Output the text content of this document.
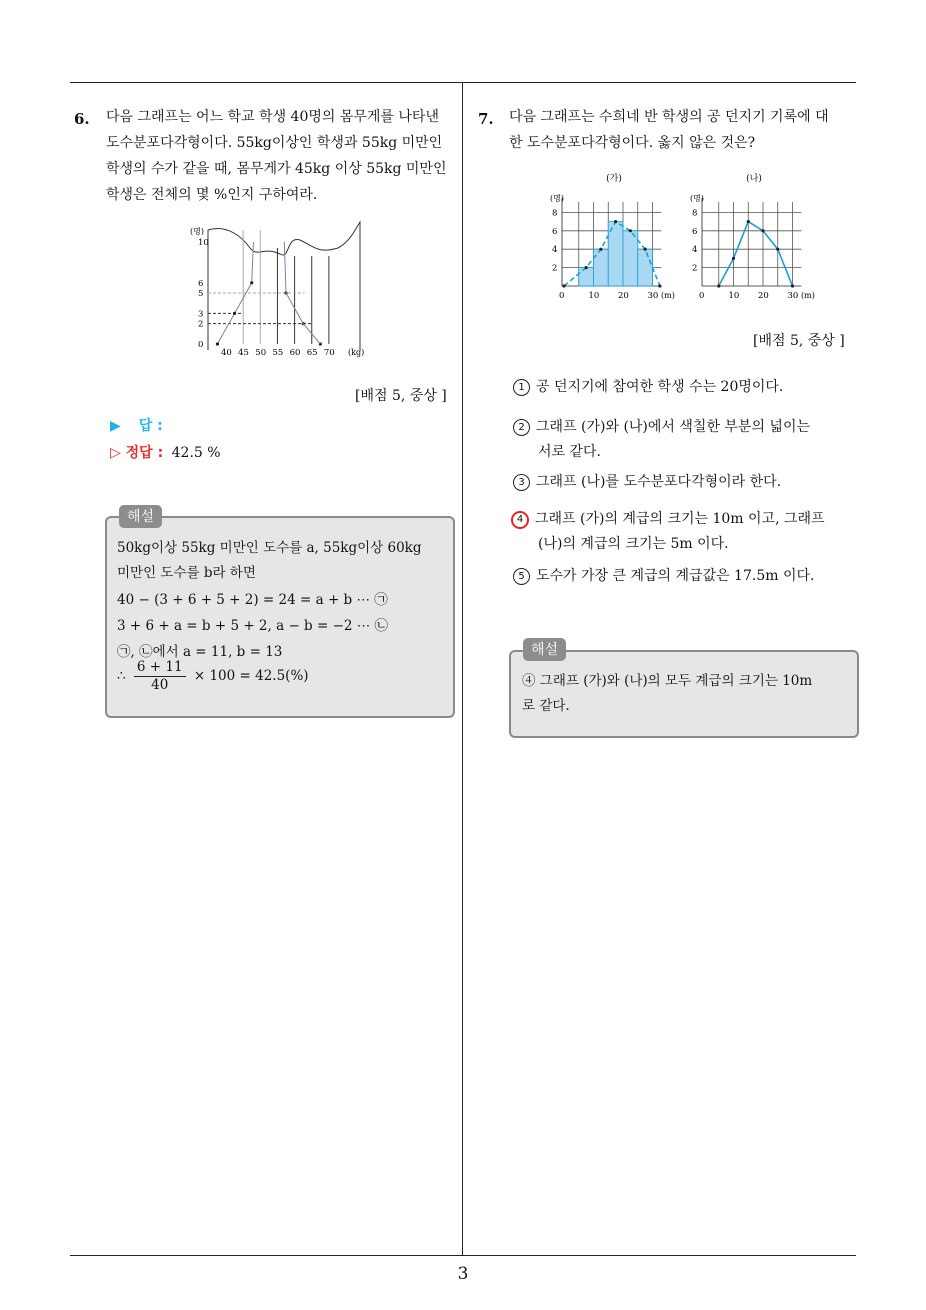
3
6. 다음 그래프는 어느 학교 학생 40명의 몸무게를 나타낸
도수분포다각형이다. 55kg이상인 학생과 55kg 미만인
학생의 수가 같을 때, 몸무게가 45kg 이상 55kg 미만인
학생은 전체의 몇 %인지 구하여라.
40 45 50 55 60 65 70
0
2
3
5
6
10
(명)
(kg)
[배점 5, 중상 ]
▶ 답 :
▷ 정답 : 42.5 %
해설
50kg이상 55kg 미만인 도수를 a, 55kg이상 60kg
미만인 도수를 b라 하면
40 − (3 + 6 + 5 + 2) = 24 = a + b ⋯ ㉠
3 + 6 + a = b + 5 + 2, a − b = −2 ⋯ ㉡
㉠, ㉡에서 a = 11, b = 13
∴ $\frac{6 + 11}{40} \times 100 = 42.5(\%)$
7. 다음 그래프는 수희네 반 학생의 공 던지기 기록에 대
한 도수분포다각형이다. 옳지 않은 것은?
(가)
(명)
0	10 20 30
2
4
6
8
(m)
(나)
(명)
0	10 20 30
2
4
6
8
(m)
[배점 5, 중상 ]
1 공 던지기에 참여한 학생 수는 20명이다.
2 그래프 (가)와 (나)에서 색칠한 부분의 넓이는
서로 같다.
3 그래프 (나)를 도수분포다각형이라 한다.
4 그래프 (가)의 계급의 크기는 10m 이고, 그래프
(나)의 계급의 크기는 5m 이다.
5 도수가 가장 큰 계급의 계급값은 17.5m 이다.
해설
④ 그래프 (가)와 (나)의 모두 계급의 크기는 10m
로 같다.
